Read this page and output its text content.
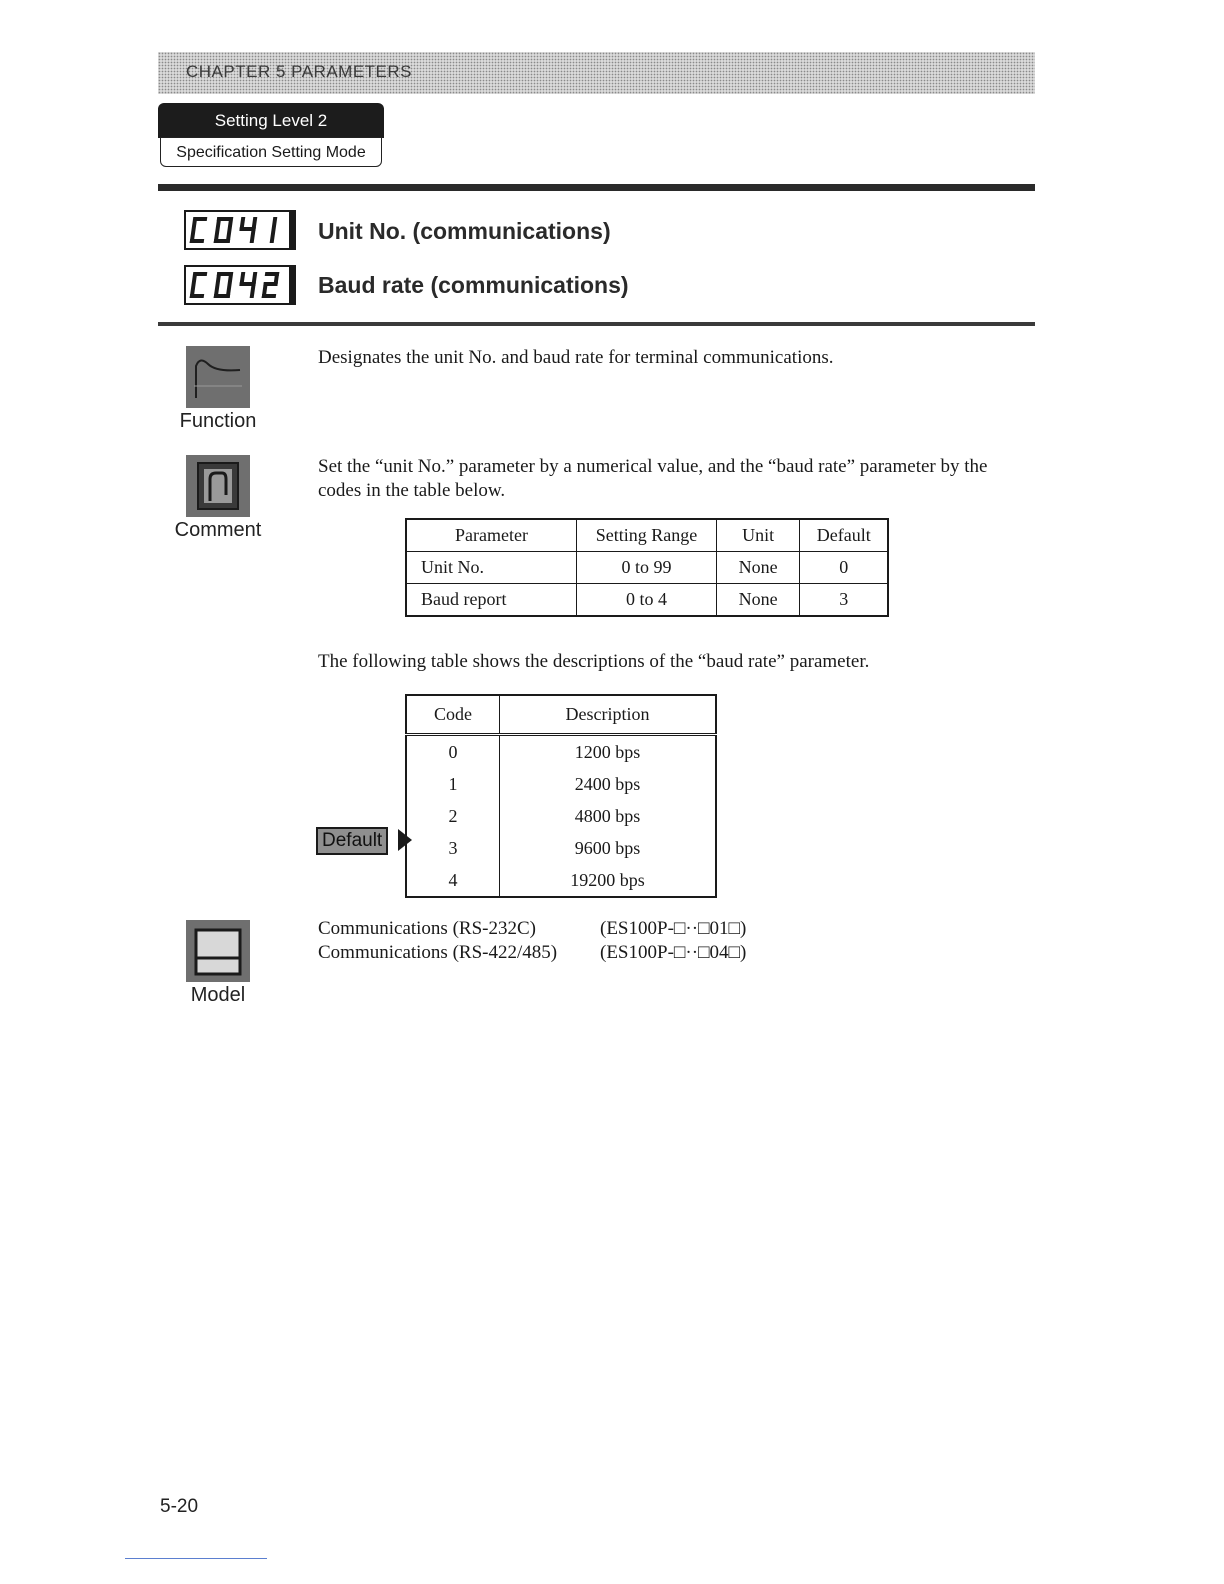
CHAPTER 5 PARAMETERS
Setting Level 2
Specification Setting Mode
Unit No. (communications)
Baud rate (communications)
Function
Designates the unit No. and baud rate for terminal communications.
Comment
Set the “unit No.” parameter by a numerical value, and the “baud rate” parameter by the
codes in the table below.
Parameter	Setting Range	Unit	Default
Unit No.	0 to 99	None	0
Baud report	0 to 4	None	3
The following table shows the descriptions of the “baud rate” parameter.
Code	Description
0	1200 bps
1	2400 bps
2	4800 bps
3	9600 bps
4	19200 bps
Default
Model
Communications (RS-232C)	(ES100P-□··□01□)
Communications (RS-422/485) (ES100P-□··□04□)
5-20
